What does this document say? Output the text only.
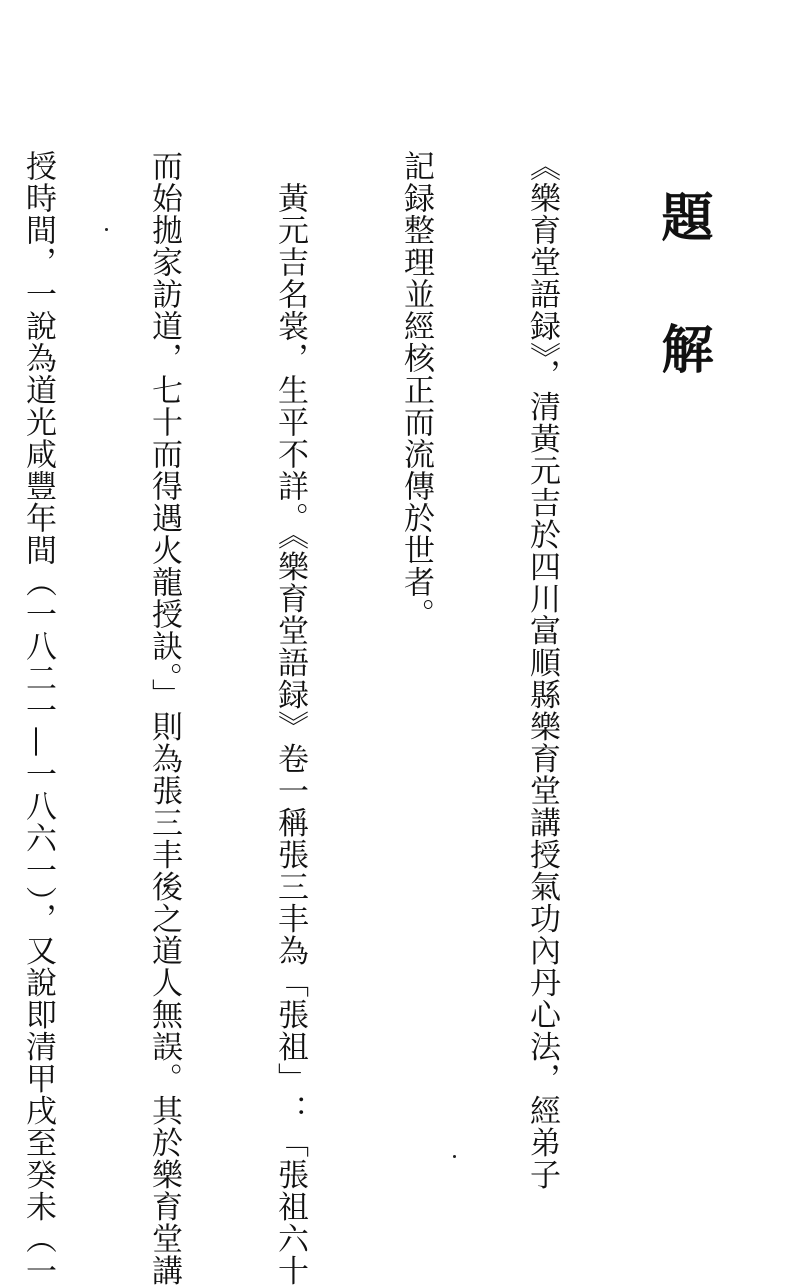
題解

《樂育堂語録》，清黃元吉於四川富順縣樂育堂講授氣功內丹心法，經弟子

記録整理並經核正而流傳於世者。

　黃元吉名裳，生平不詳。《樂育堂語録》卷一稱張三丰為「張祖」：「張祖六十

而始拋家訪道，七十而得遇火龍授訣。」則為張三丰後之道人無誤。其於樂育堂講

授時間，一說為道光咸豐年間（一八二一—一八六一），又說即清甲戌至癸未（一
